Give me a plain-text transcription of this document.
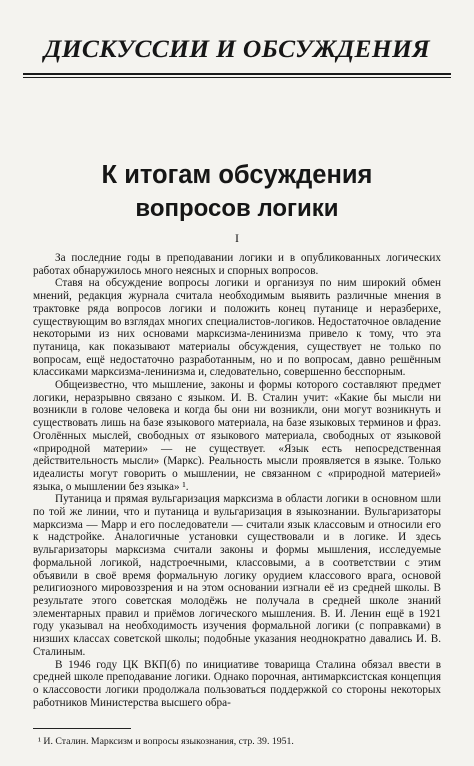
ДИСКУССИИ И ОБСУЖДЕНИЯ
К итогам обсуждения
вопросов логики
I

За последние годы в преподавании логики и в опубликованных логических работах обнаружилось много неясных и спорных вопросов.

Ставя на обсуждение вопросы логики и организуя по ним широкий обмен мнений, редакция журнала считала необходимым выявить различные мнения в трактовке ряда вопросов логики и положить конец путанице и неразберихе, существующим во взглядах многих специалистов-логиков. Недостаточное овладение некоторыми из них основами марксизма-ленинизма привело к тому, что эта путаница, как показывают материалы обсуждения, существует не только по вопросам, ещё недостаточно разработанным, но и по вопросам, давно решённым классиками марксизма-ленинизма и, следовательно, совершенно бесспорным.

Общеизвестно, что мышление, законы и формы которого составляют предмет логики, неразрывно связано с языком. И. В. Сталин учит: «Какие бы мысли ни возникли в голове человека и когда бы они ни возникли, они могут возникнуть и существовать лишь на базе языкового материала, на базе языковых терминов и фраз. Оголённых мыслей, свободных от языкового материала, свободных от языковой «природной материи» — не существует. «Язык есть непосредственная действительность мысли» (Маркс). Реальность мысли проявляется в языке. Только идеалисты могут говорить о мышлении, не связанном с «природной материей» языка, о мышлении без языка» ¹.

Путаница и прямая вульгаризация марксизма в области логики в основном шли по той же линии, что и путаница и вульгаризация в языкознании. Вульгаризаторы марксизма — Марр и его последователи — считали язык классовым и относили его к надстройке. Аналогичные установки существовали и в логике. И здесь вульгаризаторы марксизма считали законы и формы мышления, исследуемые формальной логикой, надстроечными, классовыми, а в соответствии с этим объявили в своё время формальную логику орудием классового врага, основой религиозного мировоззрения и на этом основании изгнали её из средней школы. В результате этого советская молодёжь не получала в средней школе знаний элементарных правил и приёмов логического мышления. В. И. Ленин ещё в 1921 году указывал на необходимость изучения формальной логики (с поправками) в низших классах советской школы; подобные указания неоднократно давались И. В. Сталиным.

В 1946 году ЦК ВКП(б) по инициативе товарища Сталина обязал ввести в средней школе преподавание логики. Однако порочная, антимарксистская концепция о классовости логики продолжала пользоваться поддержкой со стороны некоторых работников Министерства высшего обра-

¹ И. Сталин. Марксизм и вопросы языкознания, стр. 39. 1951.
